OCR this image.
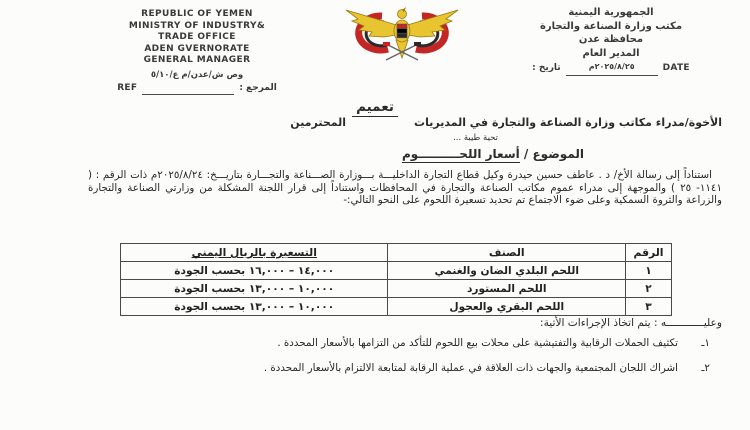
REPUBLIC OF YEMEN
MINISTRY OF INDUSTRY&
TRADE OFFICE
ADEN GVERNORATE
GENERAL MANAGER
وص ش/عدن/م ع/٥/١٠
REF	المرجع :
الجمهورية اليمنية
مكتب وزارة الصناعة والتجارة
محافظة عدن
المدير العام
DATE
٢٠٢٥/٨/٢٥م
تاريخ :
تعميم
الأخوة/مدراء مكاتب وزارة الصناعة والتجارة في المديريات
المحترمين
تحية طيبة ...
الموضوع / أسعار اللحــــــــــوم

استناداً إلى رسالة الأخ/ د . عاطف حسين حيدرة وكيل قطاع التجارة الداخليـــة بـــوزارة الصـــناعة والتجـــارة بتاريـــخ: ٢٠٢٥/٨/٢٤م ذات الرقم : ( ١١٤١- ٢٥ ) والموجهة إلى مدراء عموم مكاتب الصناعة والتجارة في المحافظات واستناداً إلى قرار اللجنة المشكلة من وزارتي الصناعة والتجارة والزراعة والثروة السمكية وعلى ضوء الاجتماع تم تحديد تسعيرة اللحوم على النحو التالي:-

الرقم	الصنف	التسعيرة بالريال اليمني
١	اللحم البلدي الضان والغنمي	١٤,٠٠٠ – ١٦,٠٠٠ بحسب الجودة
٢	اللحم المستورد	١٠,٠٠٠ – ١٣,٠٠٠ بحسب الجودة
٣	اللحم البقري والعجول	١٠,٠٠٠ – ١٣,٠٠٠ بحسب الجودة

وعليــــــــــــه : يتم اتخاذ الإجراءات الأتية:

١ـ

تكثيف الحملات الرقابية والتفتيشية على محلات بيع اللحوم للتأكد من التزامها بالأسعار المحددة .

٢ـ

اشراك اللجان المجتمعية والجهات ذات العلاقة في عملية الرقابة لمتابعة الالتزام بالأسعار المحددة .
